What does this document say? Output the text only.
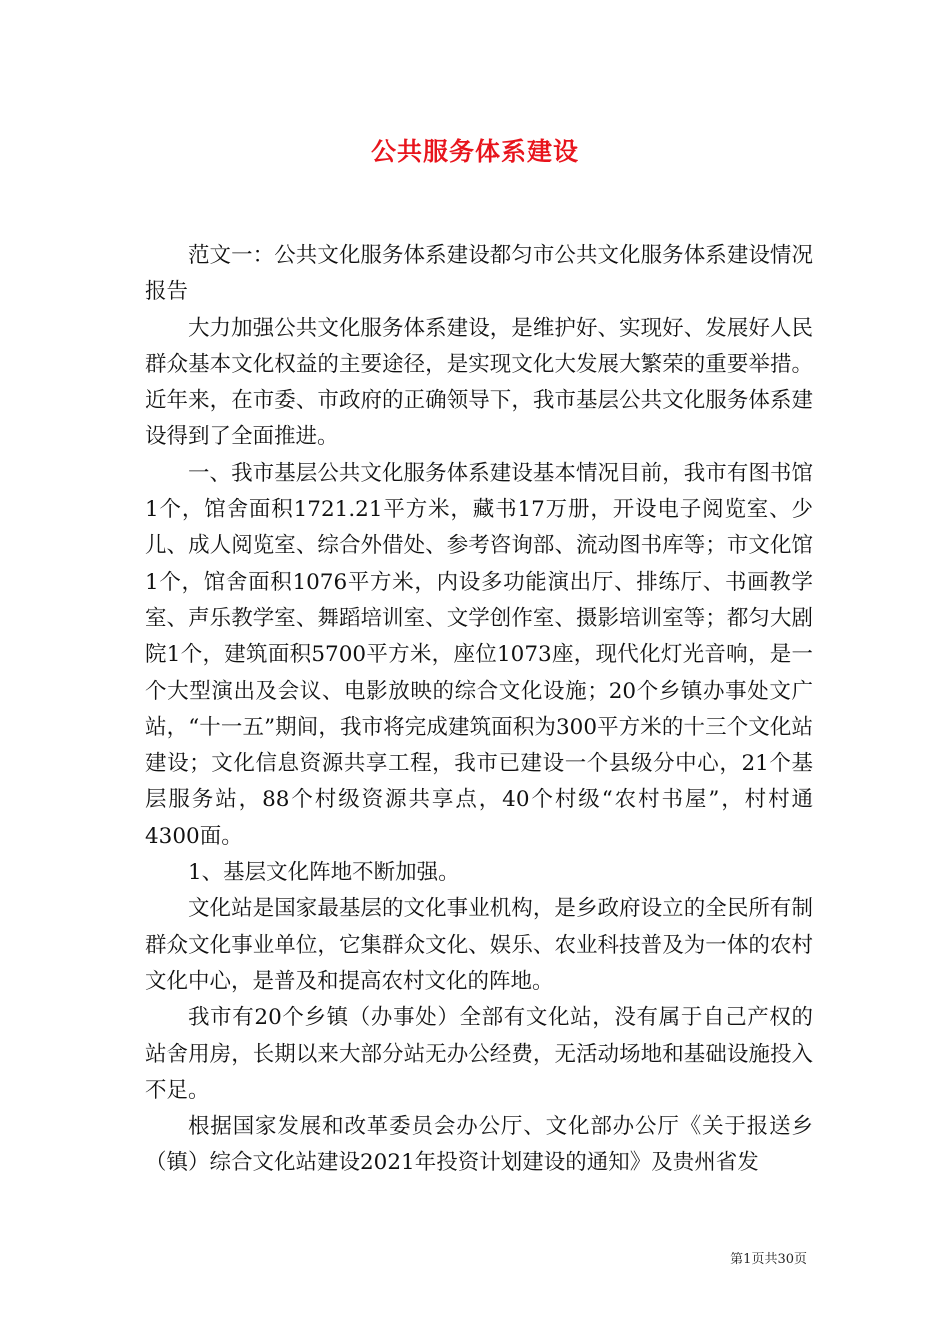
公共服务体系建设

范文一：公共文化服务体系建设都匀市公共文化服务体系建设情况报告

大力加强公共文化服务体系建设，是维护好、实现好、发展好人民群众基本文化权益的主要途径，是实现文化大发展大繁荣的重要举措。近年来，在市委、市政府的正确领导下，我市基层公共文化服务体系建设得到了全面推进。

一、我市基层公共文化服务体系建设基本情况目前，我市有图书馆1个，馆舍面积1721.21平方米，藏书17万册，开设电子阅览室、少儿、成人阅览室、综合外借处、参考咨询部、流动图书库等；市文化馆1个，馆舍面积1076平方米，内设多功能演出厅、排练厅、书画教学室、声乐教学室、舞蹈培训室、文学创作室、摄影培训室等；都匀大剧院1个，建筑面积5700平方米，座位1073座，现代化灯光音响，是一个大型演出及会议、电影放映的综合文化设施；20个乡镇办事处文广站，“十一五”期间，我市将完成建筑面积为300平方米的十三个文化站建设；文化信息资源共享工程，我市已建设一个县级分中心，21个基层服务站，88个村级资源共享点，40个村级“农村书屋”，村村通4300面。

1、基层文化阵地不断加强。

文化站是国家最基层的文化事业机构，是乡政府设立的全民所有制群众文化事业单位，它集群众文化、娱乐、农业科技普及为一体的农村文化中心，是普及和提高农村文化的阵地。

我市有20个乡镇（办事处）全部有文化站，没有属于自己产权的站舍用房，长期以来大部分站无办公经费，无活动场地和基础设施投入不足。

根据国家发展和改革委员会办公厅、文化部办公厅《关于报送乡（镇）综合文化站建设2021年投资计划建设的通知》及贵州省发

第1页共30页
